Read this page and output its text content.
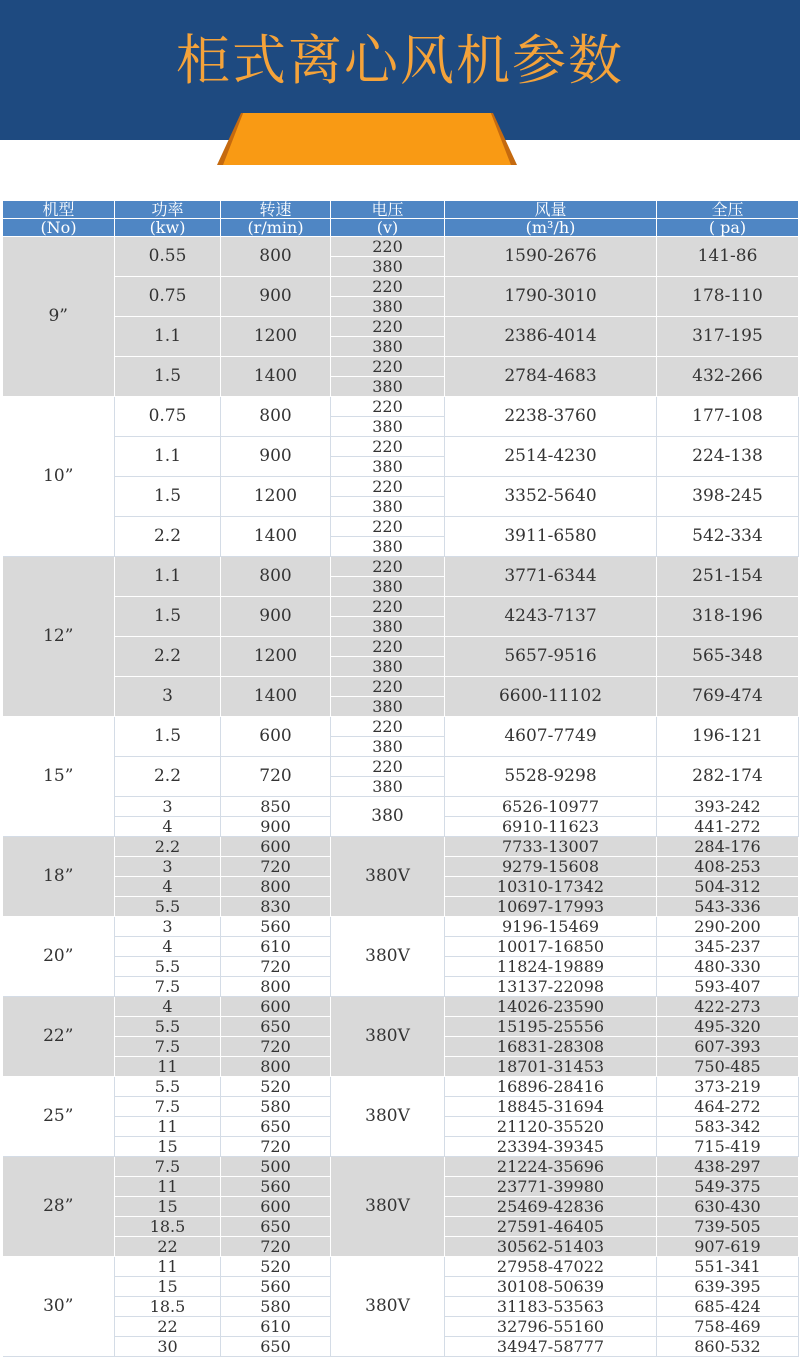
柜式离心风机参数
机型	功率	转速	电压	风量	全压
(No)	(kw)	(r/min)	(v)	(m³/h)	( pa)
9”	0.55	800	220	1590-2676	141-86
			380		
	0.75	900	220	1790-3010	178-110
			380		
	1.1	1200	220	2386-4014	317-195
			380		
	1.5	1400	220	2784-4683	432-266
			380		
10”	0.75	800	220	2238-3760	177-108
			380		
	1.1	900	220	2514-4230	224-138
			380		
	1.5	1200	220	3352-5640	398-245
			380		
	2.2	1400	220	3911-6580	542-334
			380		
12”	1.1	800	220	3771-6344	251-154
			380		
	1.5	900	220	4243-7137	318-196
			380		
	2.2	1200	220	5657-9516	565-348
			380		
	3	1400	220	6600-11102	769-474
			380		
15”	1.5	600	220	4607-7749	196-121
			380		
	2.2	720	220	5528-9298	282-174
			380		
	3	850	380	6526-10977	393-242
	4	900		6910-11623	441-272
18”	2.2	600	380V	7733-13007	284-176
	3	720		9279-15608	408-253
	4	800		10310-17342	504-312
	5.5	830		10697-17993	543-336
20”	3	560	380V	9196-15469	290-200
	4	610		10017-16850	345-237
	5.5	720		11824-19889	480-330
	7.5	800		13137-22098	593-407
22”	4	600	380V	14026-23590	422-273
	5.5	650		15195-25556	495-320
	7.5	720		16831-28308	607-393
	11	800		18701-31453	750-485
25”	5.5	520	380V	16896-28416	373-219
	7.5	580		18845-31694	464-272
	11	650		21120-35520	583-342
	15	720		23394-39345	715-419
28”	7.5	500	380V	21224-35696	438-297
	11	560		23771-39980	549-375
	15	600		25469-42836	630-430
	18.5	650		27591-46405	739-505
	22	720		30562-51403	907-619
30”	11	520	380V	27958-47022	551-341
	15	560		30108-50639	639-395
	18.5	580		31183-53563	685-424
	22	610		32796-55160	758-469
	30	650		34947-58777	860-532
